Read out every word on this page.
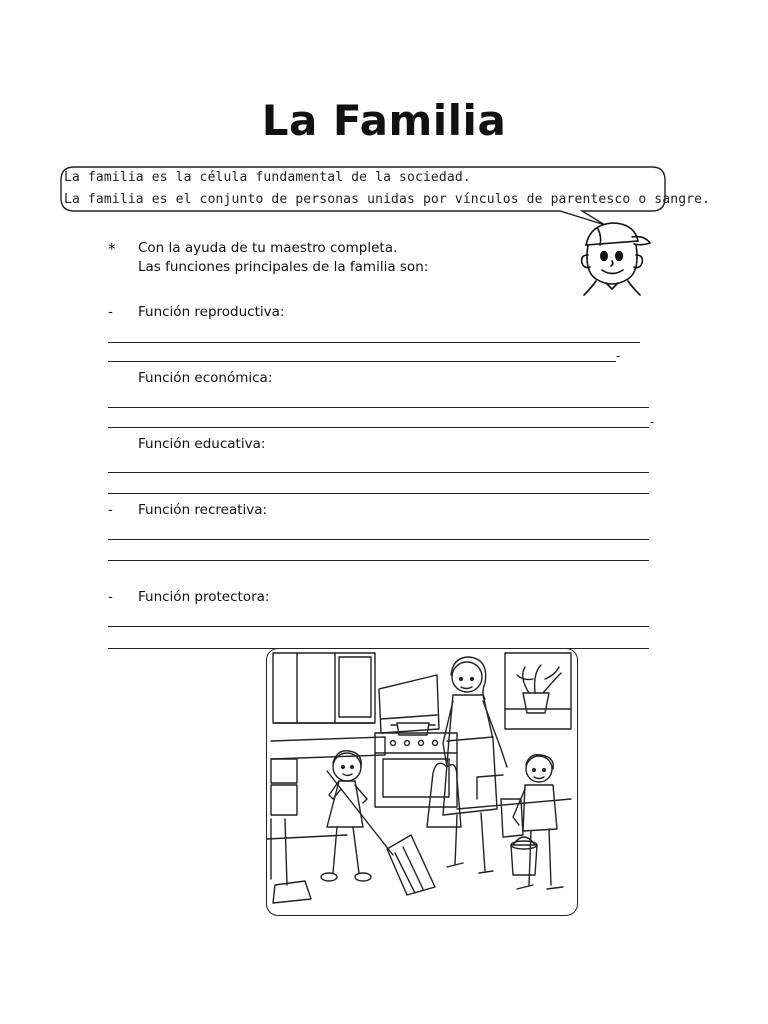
La Familia
La familia es la célula fundamental de la sociedad.
La familia es el conjunto de personas unidas por vínculos de parentesco o sangre.
* Con la ayuda de tu maestro completa.
Las funciones principales de la familia son:
- Función reproductiva:
-
Función económica:
-
Función educativa:
- Función recreativa:
- Función protectora:
